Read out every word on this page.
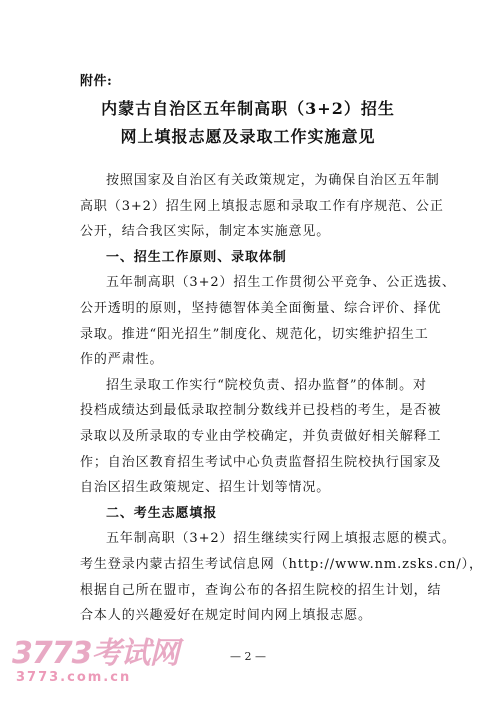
附件:
内蒙古自治区五年制高职（3+2）招生
网上填报志愿及录取工作实施意见
按照国家及自治区有关政策规定，为确保自治区五年制
高职（3+2）招生网上填报志愿和录取工作有序规范、公正
公开，结合我区实际，制定本实施意见。
一、招生工作原则、录取体制
五年制高职（3+2）招生工作贯彻公平竞争、公正选拔、
公开透明的原则，坚持德智体美全面衡量、综合评价、择优
录取。推进“阳光招生”制度化、规范化，切实维护招生工
作的严肃性。
招生录取工作实行“院校负责、招办监督”的体制。对
投档成绩达到最低录取控制分数线并已投档的考生，是否被
录取以及所录取的专业由学校确定，并负责做好相关解释工
作；自治区教育招生考试中心负责监督招生院校执行国家及
自治区招生政策规定、招生计划等情况。
二、考生志愿填报
五年制高职（3+2）招生继续实行网上填报志愿的模式。
考生登录内蒙古招生考试信息网（http://www.nm.zsks.cn/），
根据自己所在盟市，查询公布的各招生院校的招生计划，结
合本人的兴趣爱好在规定时间内网上填报志愿。
— 2 —
3773考试网
3773.com.cn
